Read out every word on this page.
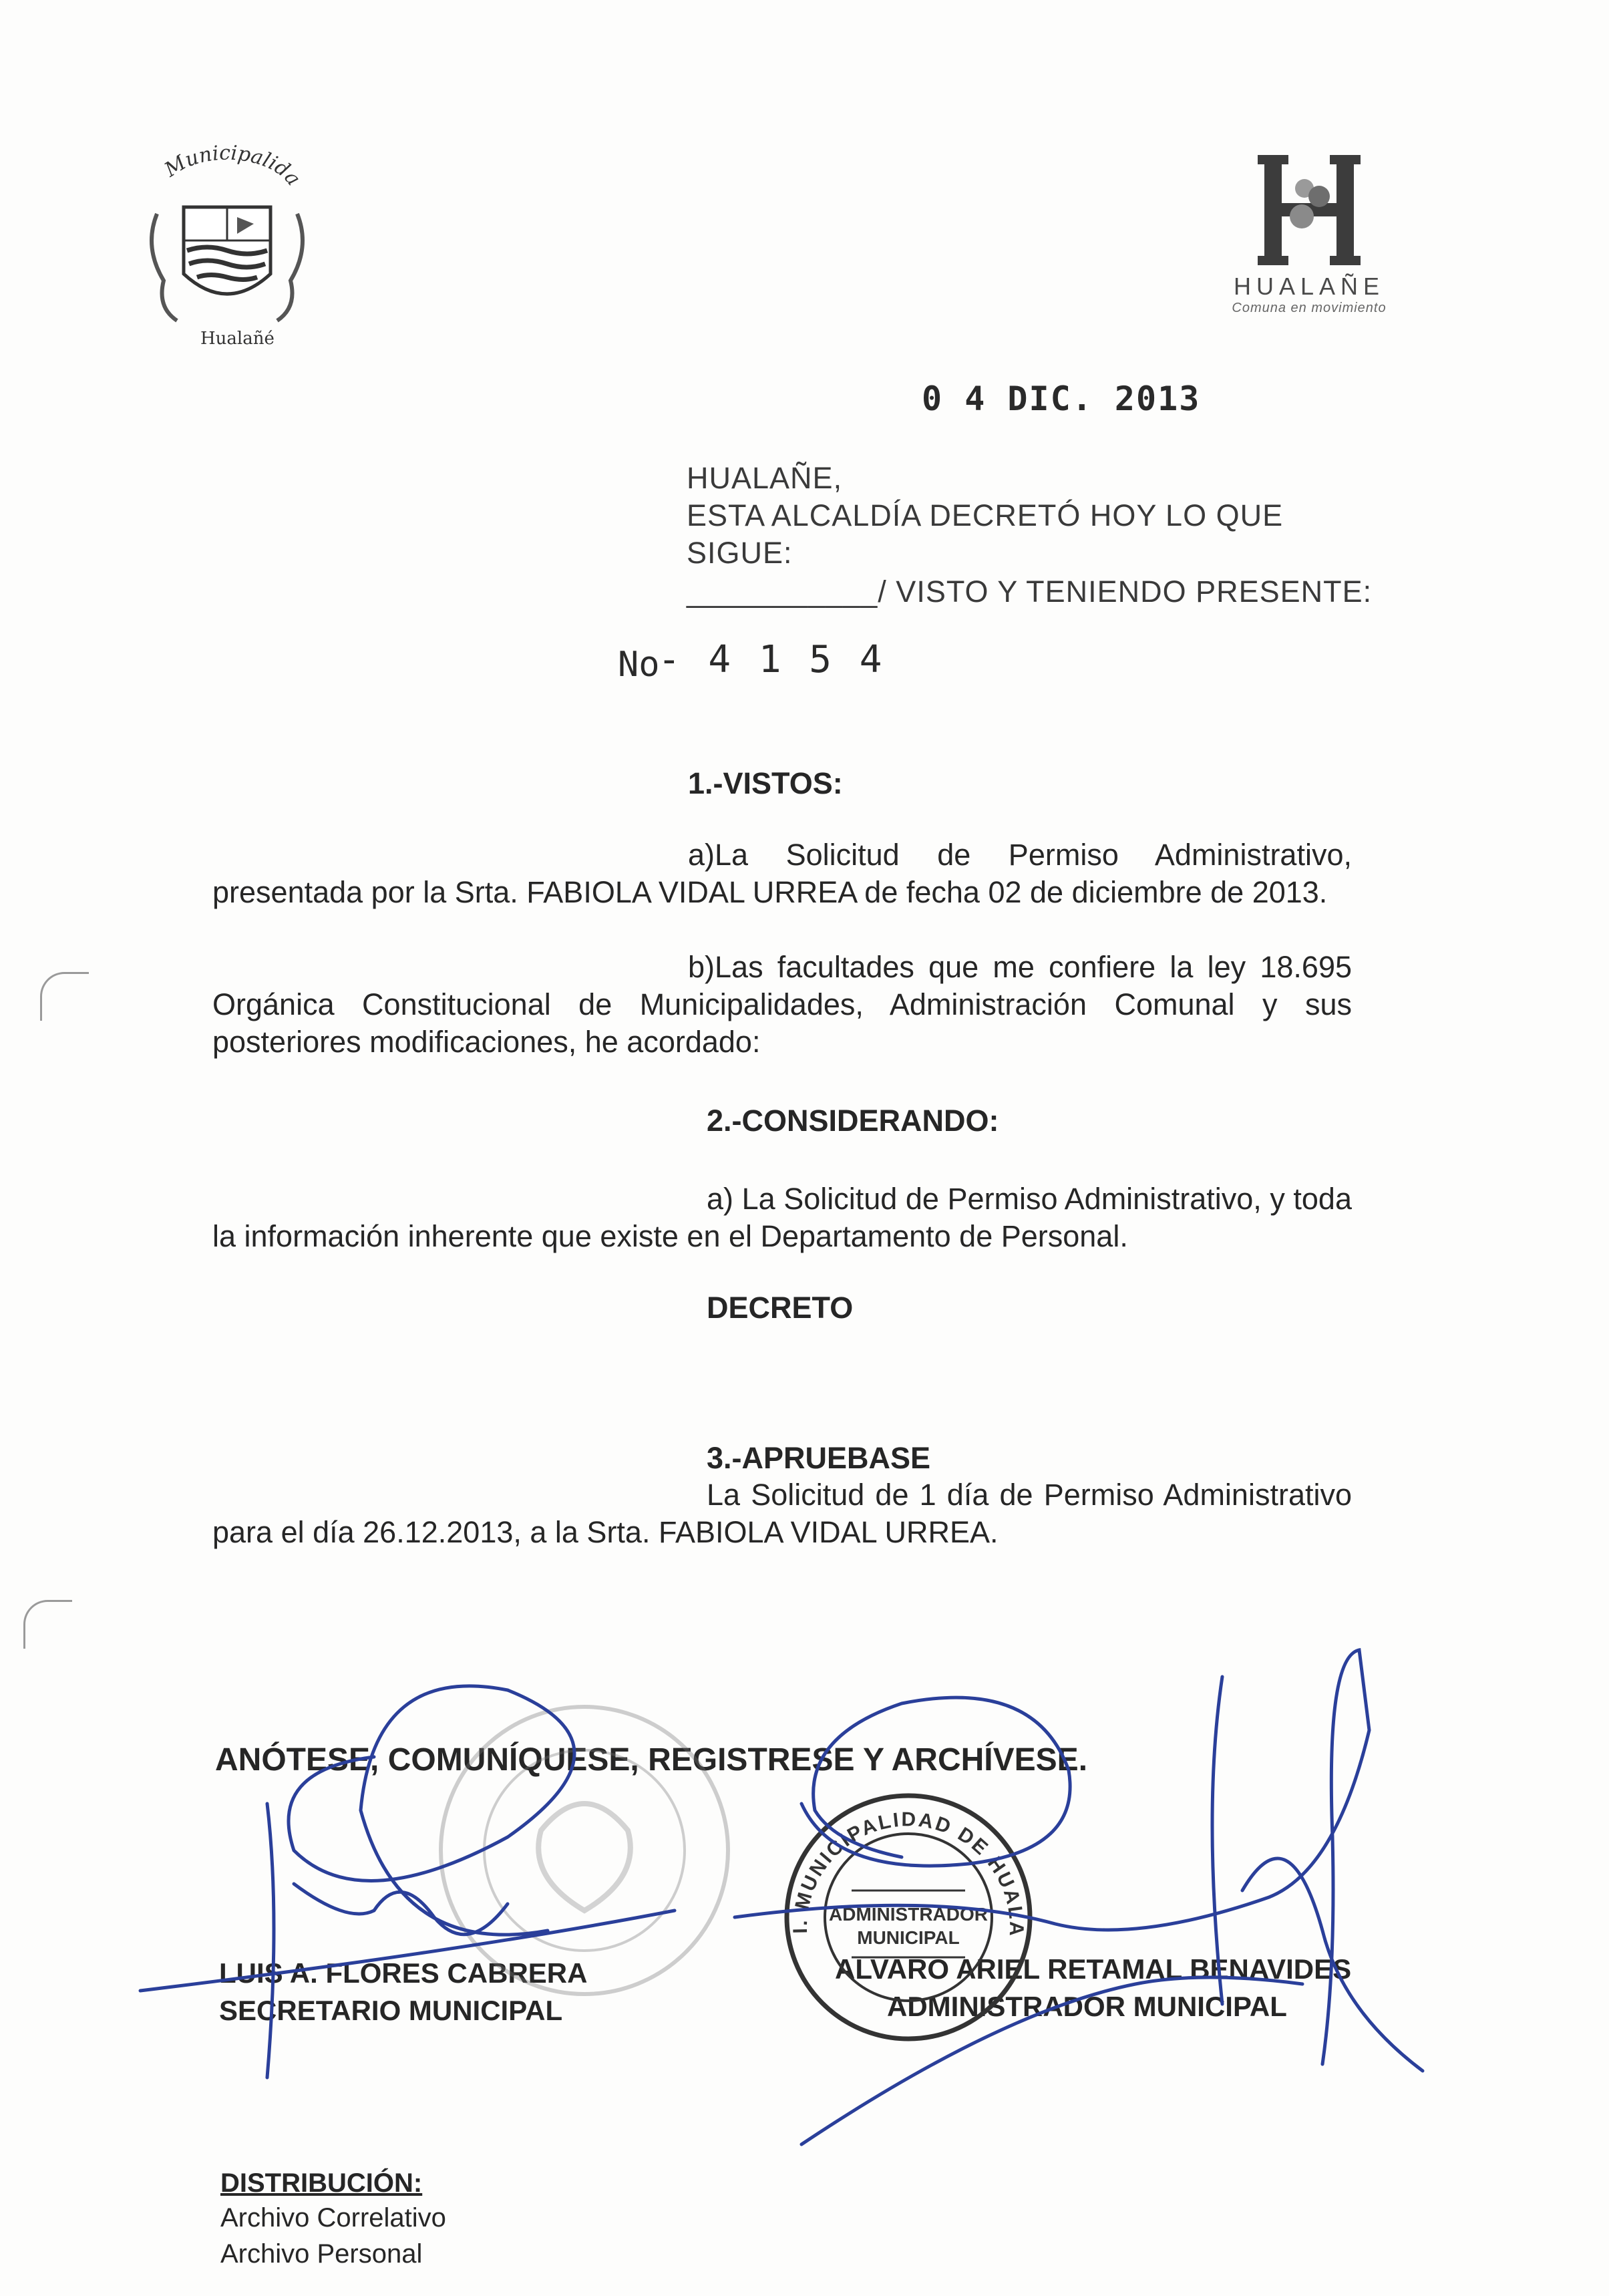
Municipalida
Hualañé
HUALAÑE
Comuna en movimiento
0 4 DIC. 2013
HUALAÑE,
ESTA ALCALDÍA DECRETÓ HOY LO QUE
SIGUE:
___________/ VISTO Y TENIENDO PRESENTE:
No
- 4 1 5 4
1.-VISTOS:
a)La Solicitud de Permiso Administrativo, presentada por la Srta. FABIOLA VIDAL URREA de fecha 02 de diciembre de 2013.
b)Las facultades que me confiere la ley 18.695 Orgánica Constitucional de Municipalidades, Administración Comunal y sus posteriores modificaciones, he acordado:
2.-CONSIDERANDO:
a) La Solicitud de Permiso Administrativo, y toda la información inherente que existe en el Departamento de Personal.
DECRETO
3.-APRUEBASE
La Solicitud de 1 día de Permiso Administrativo para el día 26.12.2013, a la Srta. FABIOLA VIDAL URREA.
ANÓTESE, COMUNÍQUESE, REGISTRESE Y ARCHÍVESE.
LUIS A. FLORES CABRERA
SECRETARIO MUNICIPAL
ALVARO ARIEL RETAMAL BENAVIDES
ADMINISTRADOR MUNICIPAL
I. MUNICIPALIDAD DE HUALA
ADMINISTRADOR
MUNICIPAL
DISTRIBUCIÓN:
Archivo Correlativo
Archivo Personal
